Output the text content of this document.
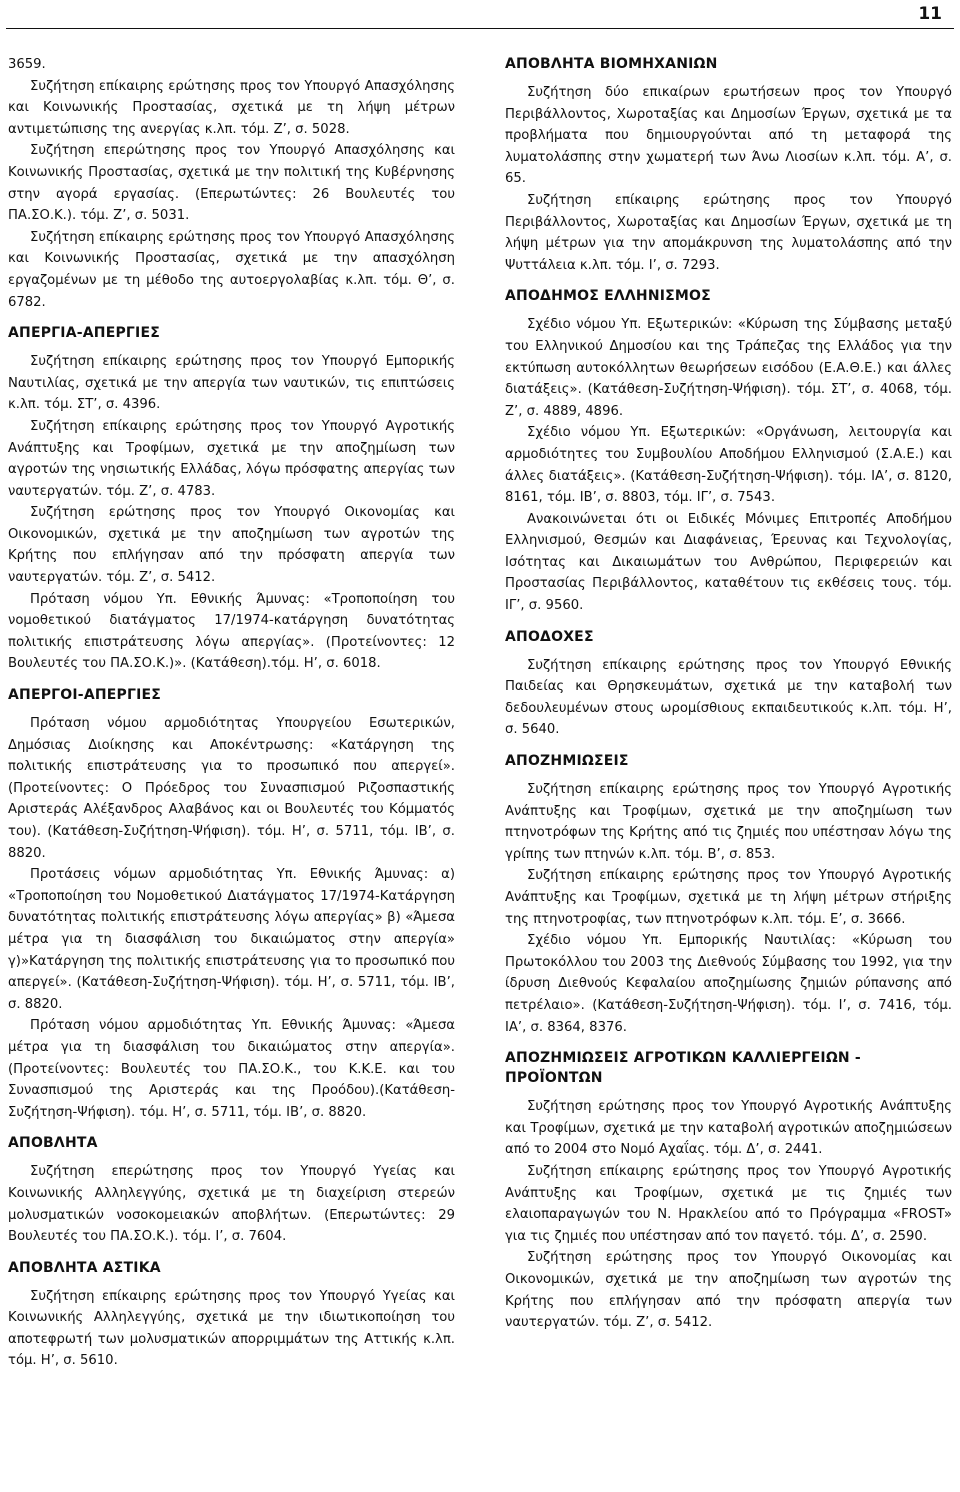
11

3659.

Συζήτηση επίκαιρης ερώτησης προς τον Υπουργό Απασχόλησης και Κοινωνικής Προστασίας, σχετικά με τη λήψη μέτρων αντιμετώπισης της ανεργίας κ.λπ. τόμ. Ζ’, σ. 5028.

Συζήτηση επερώτησης προς τον Υπουργό Απασχόλησης και Κοινωνικής Προστασίας, σχετικά με την πολιτική της Κυβέρνησης στην αγορά εργασίας. (Επερωτώντες: 26 Βουλευτές του ΠΑ.ΣΟ.Κ.). τόμ. Ζ’, σ. 5031.

Συζήτηση επίκαιρης ερώτησης προς τον Υπουργό Απασχόλησης και Κοινωνικής Προστασίας, σχετικά με την απασχόληση εργαζομένων με τη μέθοδο της αυτοεργολαβίας κ.λπ. τόμ. Θ’, σ. 6782.

ΑΠΕΡΓΙΑ-ΑΠΕΡΓΙΕΣ

Συζήτηση επίκαιρης ερώτησης προς τον Υπουργό Εμπορικής Ναυτιλίας, σχετικά με την απεργία των ναυτικών, τις επιπτώσεις κ.λπ. τόμ. ΣΤ’, σ. 4396.

Συζήτηση επίκαιρης ερώτησης προς τον Υπουργό Αγροτικής Ανάπτυξης και Τροφίμων, σχετικά με την αποζημίωση των αγροτών της νησιωτικής Ελλάδας, λόγω πρόσφατης απεργίας των ναυτεργατών. τόμ. Ζ’, σ. 4783.

Συζήτηση ερώτησης προς τον Υπουργό Οικονομίας και Οικονομικών, σχετικά με την αποζημίωση των αγροτών της Κρήτης που επλήγησαν από την πρόσφατη απεργία των ναυτεργατών. τόμ. Ζ’, σ. 5412.

Πρόταση νόμου Υπ. Εθνικής Άμυνας: «Τροποποίηση του νομοθετικού διατάγματος 17/1974-κατάργηση δυνατότητας πολιτικής επιστράτευσης λόγω απεργίας». (Προτείνοντες: 12 Βουλευτές του ΠΑ.ΣΟ.Κ.)». (Κατάθεση).τόμ. Η’, σ. 6018.

ΑΠΕΡΓΟΙ-ΑΠΕΡΓΙΕΣ

Πρόταση νόμου αρμοδιότητας Υπουργείου Εσωτερικών, Δημόσιας Διοίκησης και Αποκέντρωσης: «Κατάργηση της πολιτικής επιστράτευσης για το προσωπικό που απεργεί». (Προτείνοντες: Ο Πρόεδρος του Συνασπισμού Ριζοσπαστικής Αριστεράς Αλέξανδρος Αλαβάνος και οι Βουλευτές του Κόμματός του). (Κατάθεση-Συζήτηση-Ψήφιση). τόμ. Η’, σ. 5711, τόμ. ΙΒ’, σ. 8820.

Προτάσεις νόμων αρμοδιότητας Υπ. Εθνικής Άμυνας: α) «Τροποποίηση του Νομοθετικού Διατάγματος 17/1974-Κατάργηση δυνατότητας πολιτικής επιστράτευσης λόγω απεργίας» β) «Άμεσα μέτρα για τη διασφάλιση του δικαιώματος στην απεργία» γ)»Κατάργηση της πολιτικής επιστράτευσης για το προσωπικό που απεργεί». (Κατάθεση-Συζήτηση-Ψήφιση). τόμ. Η’, σ. 5711, τόμ. ΙΒ’, σ. 8820.

Πρόταση νόμου αρμοδιότητας Υπ. Εθνικής Άμυνας: «Άμεσα μέτρα για τη διασφάλιση του δικαιώματος στην απεργία». (Προτείνοντες: Βουλευτές του ΠΑ.ΣΟ.Κ., του Κ.Κ.Ε. και του Συνασπισμού της Αριστεράς και της Προόδου).(Κατάθεση-Συζήτηση-Ψήφιση). τόμ. Η’, σ. 5711, τόμ. ΙΒ’, σ. 8820.

ΑΠΟΒΛΗΤΑ

Συζήτηση επερώτησης προς τον Υπουργό Υγείας και Κοινωνικής Αλληλεγγύης, σχετικά με τη διαχείριση στερεών μολυσματικών νοσοκομειακών αποβλήτων. (Επερωτώντες: 29 Βουλευτές του ΠΑ.ΣΟ.Κ.). τόμ. Ι’, σ. 7604.

ΑΠΟΒΛΗΤΑ ΑΣΤΙΚΑ

Συζήτηση επίκαιρης ερώτησης προς τον Υπουργό Υγείας και Κοινωνικής Αλληλεγγύης, σχετικά με την ιδιωτικοποίηση του αποτεφρωτή των μολυσματικών απορριμμάτων της Αττικής κ.λπ. τόμ. Η’, σ. 5610.

ΑΠΟΒΛΗΤΑ ΒΙΟΜΗΧΑΝΙΩΝ

Συζήτηση δύο επικαίρων ερωτήσεων προς τον Υπουργό Περιβάλλοντος, Χωροταξίας και Δημοσίων Έργων, σχετικά με τα προβλήματα που δημιουργούνται από τη μεταφορά της λυματολάσπης στην χωματερή των Άνω Λιοσίων κ.λπ. τόμ. Α’, σ. 65.

Συζήτηση επίκαιρης ερώτησης προς τον Υπουργό Περιβάλλοντος, Χωροταξίας και Δημοσίων Έργων, σχετικά με τη λήψη μέτρων για την απομάκρυνση της λυματολάσπης από την Ψυττάλεια κ.λπ. τόμ. Ι’, σ. 7293.

ΑΠΟΔΗΜΟΣ ΕΛΛΗΝΙΣΜΟΣ

Σχέδιο νόμου Υπ. Εξωτερικών: «Κύρωση της Σύμβασης μεταξύ του Ελληνικού Δημοσίου και της Τράπεζας της Ελλάδος για την εκτύπωση αυτοκόλλητων θεωρήσεων εισόδου (Ε.Α.Θ.Ε.) και άλλες διατάξεις». (Κατάθεση-Συζήτηση-Ψήφιση). τόμ. ΣΤ’, σ. 4068, τόμ. Ζ’, σ. 4889, 4896.

Σχέδιο νόμου Υπ. Εξωτερικών: «Οργάνωση, λειτουργία και αρμοδιότητες του Συμβουλίου Αποδήμου Ελληνισμού (Σ.Α.Ε.) και άλλες διατάξεις». (Κατάθεση-Συζήτηση-Ψήφιση). τόμ. ΙΑ’, σ. 8120, 8161, τόμ. ΙΒ’, σ. 8803, τόμ. ΙΓ’, σ. 7543.

Ανακοινώνεται ότι οι Ειδικές Μόνιμες Επιτροπές Αποδήμου Ελληνισμού, Θεσμών και Διαφάνειας, Έρευνας και Τεχνολογίας, Ισότητας και Δικαιωμάτων του Ανθρώπου, Περιφερειών και Προστασίας Περιβάλλοντος, καταθέτουν τις εκθέσεις τους. τόμ. ΙΓ’, σ. 9560.

ΑΠΟΔΟΧΕΣ

Συζήτηση επίκαιρης ερώτησης προς τον Υπουργό Εθνικής Παιδείας και Θρησκευμάτων, σχετικά με την καταβολή των δεδουλευμένων στους ωρομίσθιους εκπαιδευτικούς κ.λπ. τόμ. Η’, σ. 5640.

ΑΠΟΖΗΜΙΩΣΕΙΣ

Συζήτηση επίκαιρης ερώτησης προς τον Υπουργό Αγροτικής Ανάπτυξης και Τροφίμων, σχετικά με την αποζημίωση των πτηνοτρόφων της Κρήτης από τις ζημιές που υπέστησαν λόγω της γρίπης των πτηνών κ.λπ. τόμ. Β’, σ. 853.

Συζήτηση επίκαιρης ερώτησης προς τον Υπουργό Αγροτικής Ανάπτυξης και Τροφίμων, σχετικά με τη λήψη μέτρων στήριξης της πτηνοτροφίας, των πτηνοτρόφων κ.λπ. τόμ. Ε’, σ. 3666.

Σχέδιο νόμου Υπ. Εμπορικής Ναυτιλίας: «Κύρωση του Πρωτοκόλλου του 2003 της Διεθνούς Σύμβασης του 1992, για την ίδρυση Διεθνούς Κεφαλαίου αποζημίωσης ζημιών ρύπανσης από πετρέλαιο». (Κατάθεση-Συζήτηση-Ψήφιση). τόμ. Ι’, σ. 7416, τόμ. ΙΑ’, σ. 8364, 8376.

ΑΠΟΖΗΜΙΩΣΕΙΣ ΑΓΡΟΤΙΚΩΝ ΚΑΛΛΙΕΡΓΕΙΩΝ - ΠΡΟΪΟΝΤΩΝ

Συζήτηση ερώτησης προς τον Υπουργό Αγροτικής Ανάπτυξης και Τροφίμων, σχετικά με την καταβολή αγροτικών αποζημιώσεων από το 2004 στο Νομό Αχαΐας. τόμ. Δ’, σ. 2441.

Συζήτηση επίκαιρης ερώτησης προς τον Υπουργό Αγροτικής Ανάπτυξης και Τροφίμων, σχετικά με τις ζημιές των ελαιοπαραγωγών του Ν. Ηρακλείου από το Πρόγραμμα «FROST» για τις ζημιές που υπέστησαν από τον παγετό. τόμ. Δ’, σ. 2590.

Συζήτηση ερώτησης προς τον Υπουργό Οικονομίας και Οικονομικών, σχετικά με την αποζημίωση των αγροτών της Κρήτης που επλήγησαν από την πρόσφατη απεργία των ναυτεργατών. τόμ. Ζ’, σ. 5412.
